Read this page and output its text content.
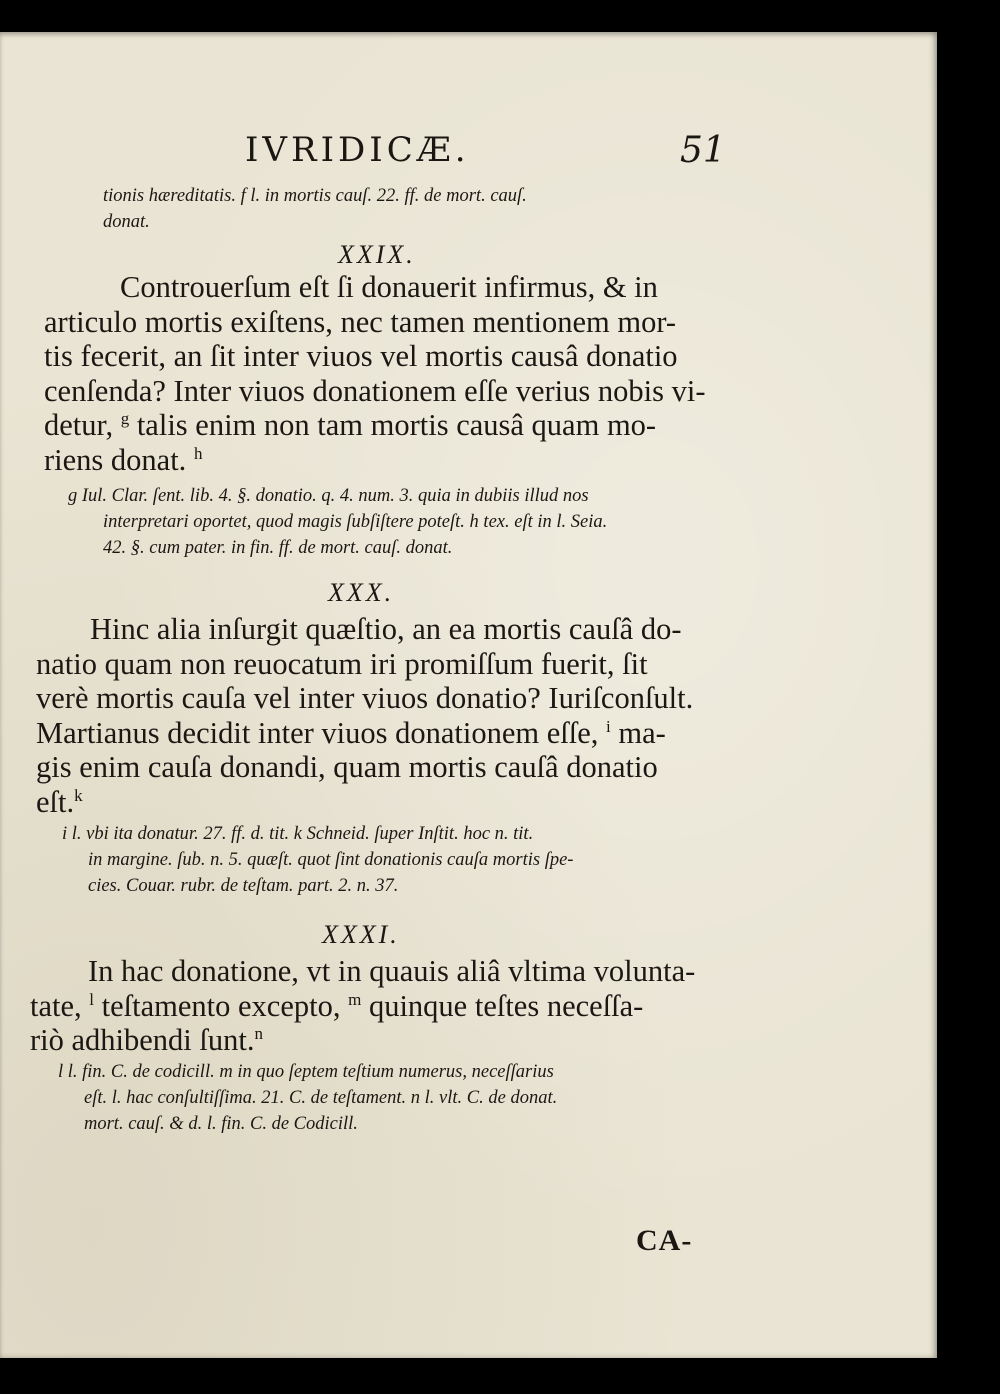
IVRIDICÆ.	51
tionis hæreditatis. f l. in mortis cauſ. 22. ff. de mort. cauſ.
donat.
XXIX.
Controuerſum eſt ſi donauerit infirmus, & in
articulo mortis exiſtens, nec tamen mentionem mor-
tis fecerit, an ſit inter viuos vel mortis causâ donatio
cenſenda? Inter viuos donationem eſſe verius nobis vi-
detur, $^g$ talis enim non tam mortis causâ quam mo-
riens donat. $^h$
g Iul. Clar. ſent. lib. 4. §. donatio. q. 4. num. 3. quia in dubiis illud nos
interpretari oportet, quod magis ſubſiſtere poteſt. h tex. eſt in l. Seia.
42. §. cum pater. in fin. ff. de mort. cauſ. donat.
XXX.
Hinc alia inſurgit quæſtio, an ea mortis cauſâ do-
natio quam non reuocatum iri promiſſum fuerit, ſit
verè mortis cauſa vel inter viuos donatio? Iuriſconſult.
Martianus decidit inter viuos donationem eſſe, $^i$ ma-
gis enim cauſa donandi, quam mortis cauſâ donatio
eſt.$^k$
i l. vbi ita donatur. 27. ff. d. tit. k Schneid. ſuper Inſtit. hoc n. tit.
in margine. ſub. n. 5. quæſt. quot ſint donationis cauſa mortis ſpe-
cies. Couar. rubr. de teſtam. part. 2. n. 37.
XXXI.
In hac donatione, vt in quauis aliâ vltima volunta-
tate, $^l$ teſtamento excepto, $^m$ quinque teſtes neceſſa-
riò adhibendi ſunt.$^n$
l l. fin. C. de codicill. m in quo ſeptem teſtium numerus, neceſſarius
eſt. l. hac conſultiſſima. 21. C. de teſtament. n l. vlt. C. de donat.
mort. cauſ. & d. l. fin. C. de Codicill.
CA-
